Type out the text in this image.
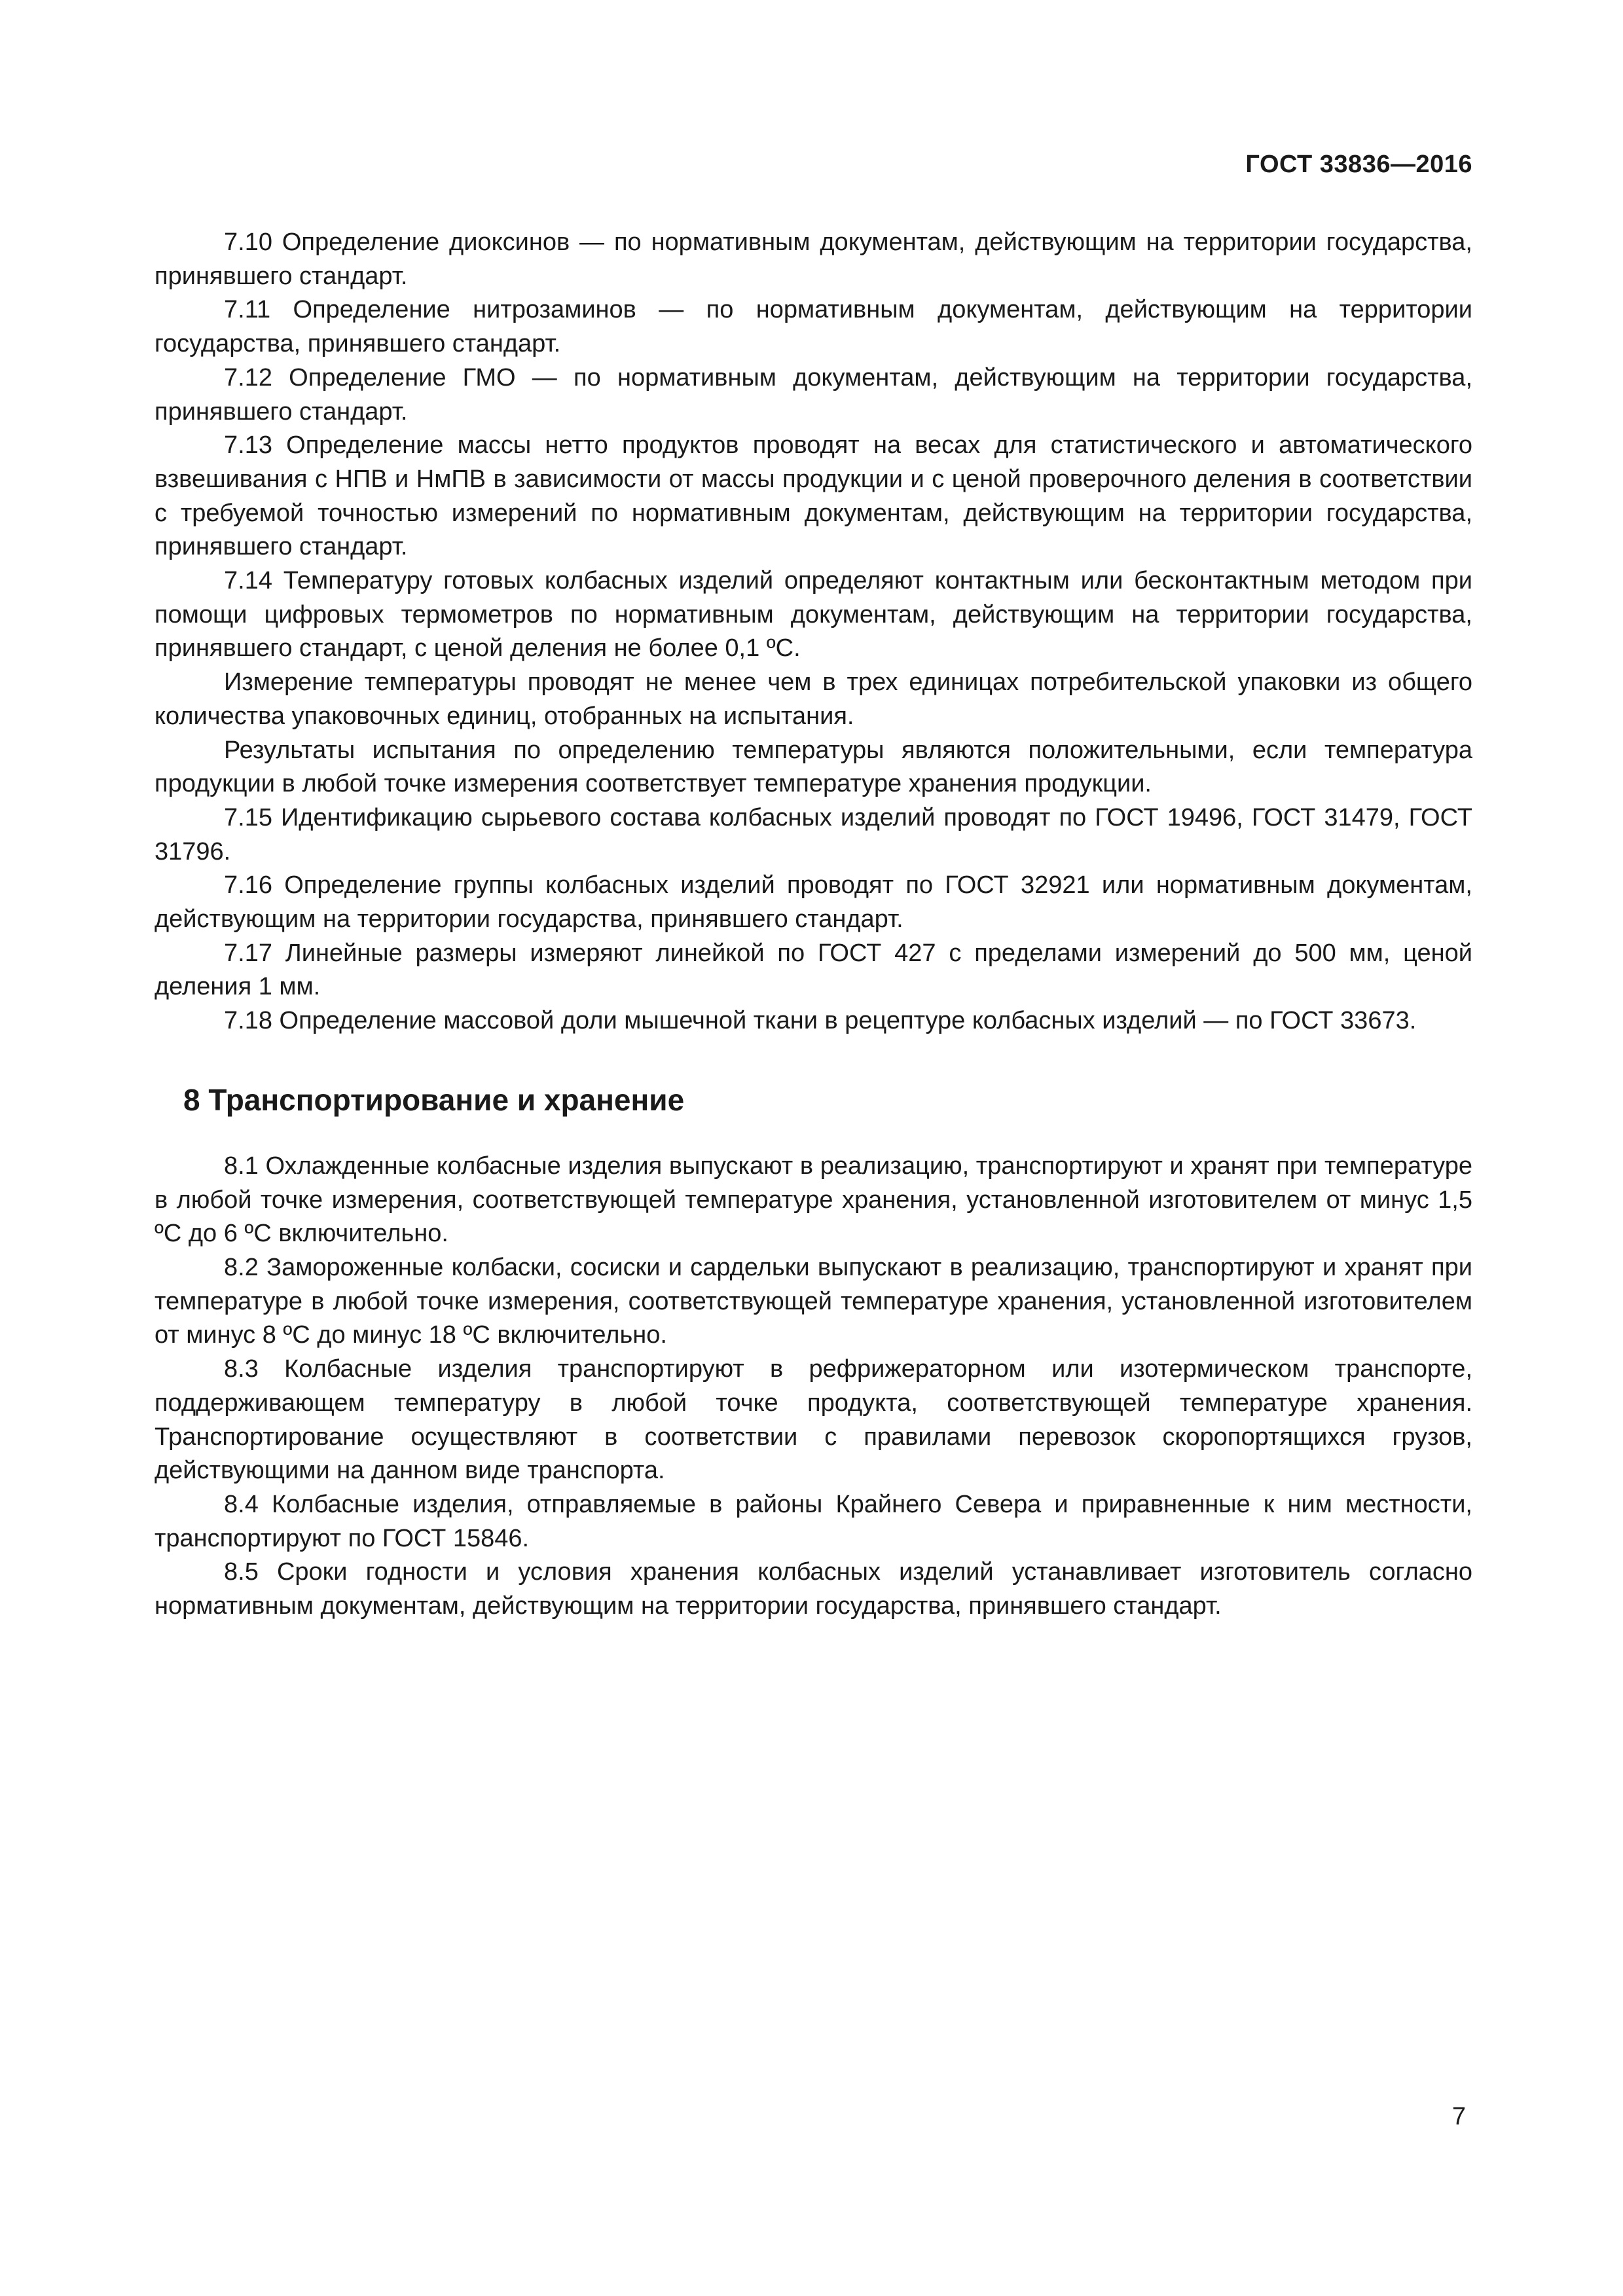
ГОСТ 33836—2016

7.10 Определение диоксинов — по нормативным документам, действующим на территории государства, принявшего стандарт.

7.11 Определение нитрозаминов — по нормативным документам, действующим на территории государства, принявшего стандарт.

7.12 Определение ГМО — по нормативным документам, действующим на территории государства, принявшего стандарт.

7.13 Определение массы нетто продуктов проводят на весах для статистического и автоматического взвешивания с НПВ и НмПВ в зависимости от массы продукции и с ценой проверочного деления в соответствии с требуемой точностью измерений по нормативным документам, действующим на территории государства, принявшего стандарт.

7.14 Температуру готовых колбасных изделий определяют контактным или бесконтактным методом при помощи цифровых термометров по нормативным документам, действующим на территории государства, принявшего стандарт, с ценой деления не более 0,1 ºС.

Измерение температуры проводят не менее чем в трех единицах потребительской упаковки из общего количества упаковочных единиц, отобранных на испытания.

Результаты испытания по определению температуры являются положительными, если температура продукции в любой точке измерения соответствует температуре хранения продукции.

7.15 Идентификацию сырьевого состава колбасных изделий проводят по ГОСТ 19496, ГОСТ 31479, ГОСТ 31796.

7.16 Определение группы колбасных изделий проводят по ГОСТ 32921 или нормативным документам, действующим на территории государства, принявшего стандарт.

7.17 Линейные размеры измеряют линейкой по ГОСТ 427 с пределами измерений до 500 мм, ценой деления 1 мм.

7.18 Определение массовой доли мышечной ткани в рецептуре колбасных изделий — по ГОСТ 33673.

8 Транспортирование и хранение

8.1 Охлажденные колбасные изделия выпускают в реализацию, транспортируют и хранят при температуре в любой точке измерения, соответствующей температуре хранения, установленной изготовителем от минус 1,5 ºС до 6 ºС включительно.

8.2 Замороженные колбаски, сосиски и сардельки выпускают в реализацию, транспортируют и хранят при температуре в любой точке измерения, соответствующей температуре хранения, установленной изготовителем от минус 8 ºС до минус 18 ºС включительно.

8.3 Колбасные изделия транспортируют в рефрижераторном или изотермическом транспорте, поддерживающем температуру в любой точке продукта, соответствующей температуре хранения. Транспортирование осуществляют в соответствии с правилами перевозок скоропортящихся грузов, действующими на данном виде транспорта.

8.4 Колбасные изделия, отправляемые в районы Крайнего Севера и приравненные к ним местности, транспортируют по ГОСТ 15846.

8.5 Сроки годности и условия хранения колбасных изделий устанавливает изготовитель согласно нормативным документам, действующим на территории государства, принявшего стандарт.

7
